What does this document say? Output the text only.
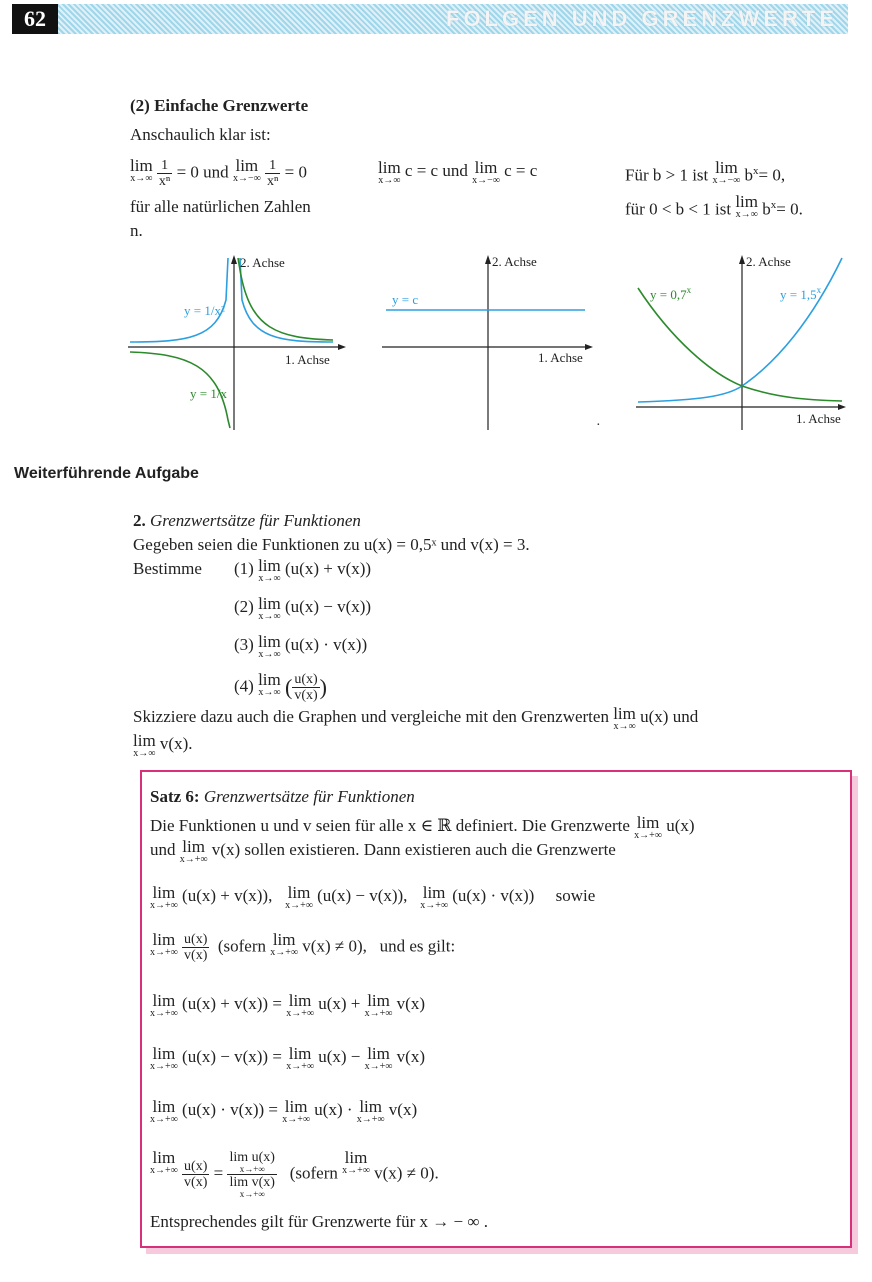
62	FOLGEN UND GRENZWERTE
(2) Einfache Grenzwerte
Anschaulich klar ist:
lim
x→∞
$\frac{1}{\text{xⁿ}} = 0$ und lim
x→−∞
$\frac{1}{\text{xⁿ}} = 0$
für alle natürlichen Zahlen
n.
lim
x→∞
c = c und lim
x→−∞
c = c	Für b > 1 ist lim
x→−∞ $b^x= 0$,
für 0 < b < 1 ist lim
x→∞ $b^x= 0$.
2. Achse
1. Achse
y = 1/x²
y = 1/x
2. Achse
1. Achse
y = c
2. Achse
1. Achse
$y = 0,7^x$	$y = 1,5^x$
·
Weiterführende Aufgabe
2. Grenzwertsätze für Funktionen
Gegeben seien die Funktionen zu u(x) = 0,5ˣ und v(x) = 3.
Bestimme (1) lim
x→∞
(u(x) + v(x))
(2) lim
x→∞
(u(x) − v(x))
(3) lim
x→∞
(u(x) · v(x))
(4) lim
x→∞ ( $\frac{u(x)}{v(x)}$ )
Skizziere dazu auch die Graphen und vergleiche mit den Grenzwerten lim
x→∞
u(x) und
lim
x→∞
v(x).
Satz 6: Grenzwertsätze für Funktionen
Die Funktionen u und v seien für alle x ∈ ℝ definiert. Die Grenzwerte lim
x→+∞
u(x)
und lim
x→+∞
v(x) sollen existieren. Dann existieren auch die Grenzwerte
lim
x→+∞
(u(x) + v(x)),   lim
x→+∞
(u(x) − v(x)),   lim
x→+∞
(u(x) · v(x))     sowie
lim
x→+∞
$\frac{u(x)}{v(x)}$ (sofern lim
x→+∞ v(x) ≠ 0),   und es gilt:
lim
x→+∞
(u(x) + v(x)) = lim
x→+∞
u(x) + lim
x→+∞
v(x)
lim
x→+∞
(u(x) − v(x)) = lim
x→+∞
u(x) − lim
x→+∞
v(x)
lim
x→+∞
(u(x) · v(x)) = lim
x→+∞
u(x) · lim
x→+∞
v(x)
lim
x→+∞
$\frac{u(x)}{v(x)} = \lim u(x)$
x→+∞
lim v(x)
x→+∞ (sofern lim
x→+∞ v(x) ≠ 0).
Entsprechendes gilt für Grenzwerte für x → − ∞ .
